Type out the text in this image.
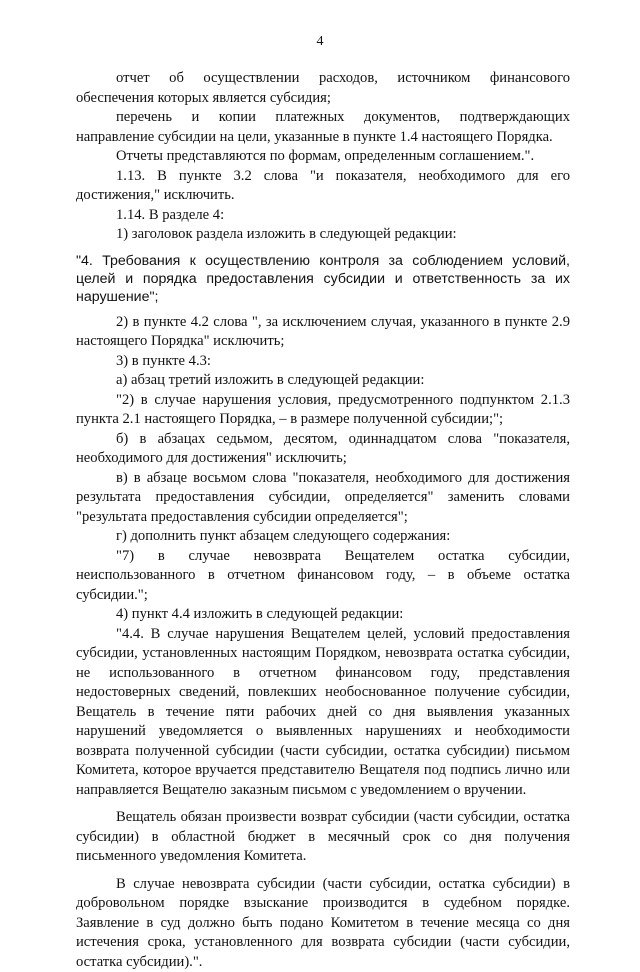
4

отчет об осуществлении расходов, источником финансового обеспечения которых является субсидия;

перечень и копии платежных документов, подтверждающих направление субсидии на цели, указанные в пункте 1.4 настоящего Порядка.

Отчеты представляются по формам, определенным соглашением.".

1.13. В пункте 3.2 слова "и показателя, необходимого для его достижения," исключить.

1.14. В разделе 4:

1) заголовок раздела изложить в следующей редакции:

"4. Требования к осуществлению контроля за соблюдением условий, целей и порядка предоставления субсидии и ответственность за их нарушение";

2) в пункте 4.2 слова ", за исключением случая, указанного в пункте 2.9 настоящего Порядка" исключить;

3) в пункте 4.3:

а) абзац третий изложить в следующей редакции:

"2) в случае нарушения условия, предусмотренного подпунктом 2.1.3 пункта 2.1 настоящего Порядка, – в размере полученной субсидии;";

б) в абзацах седьмом, десятом, одиннадцатом слова "показателя, необходимого для достижения" исключить;

в) в абзаце восьмом слова "показателя, необходимого для достижения результата предоставления субсидии, определяется" заменить словами "результата предоставления субсидии определяется";

г) дополнить пункт абзацем следующего содержания:

"7) в случае невозврата Вещателем остатка субсидии, неиспользованного в отчетном финансовом году, – в объеме остатка субсидии.";

4) пункт 4.4 изложить в следующей редакции:

"4.4. В случае нарушения Вещателем целей, условий предоставления субсидии, установленных настоящим Порядком, невозврата остатка субсидии, не использованного в отчетном финансовом году, представления недостоверных сведений, повлекших необоснованное получение субсидии, Вещатель в течение пяти рабочих дней со дня выявления указанных нарушений уведомляется о выявленных нарушениях и необходимости возврата полученной субсидии (части субсидии, остатка субсидии) письмом Комитета, которое вручается представителю Вещателя под подпись лично или направляется Вещателю заказным письмом с уведомлением о вручении.

Вещатель обязан произвести возврат субсидии (части субсидии, остатка субсидии) в областной бюджет в месячный срок со дня получения письменного уведомления Комитета.

В случае невозврата субсидии (части субсидии, остатка субсидии) в добровольном порядке взыскание производится в судебном порядке. Заявление в суд должно быть подано Комитетом в течение месяца со дня истечения срока, установленного для возврата субсидии (части субсидии, остатка субсидии).".
